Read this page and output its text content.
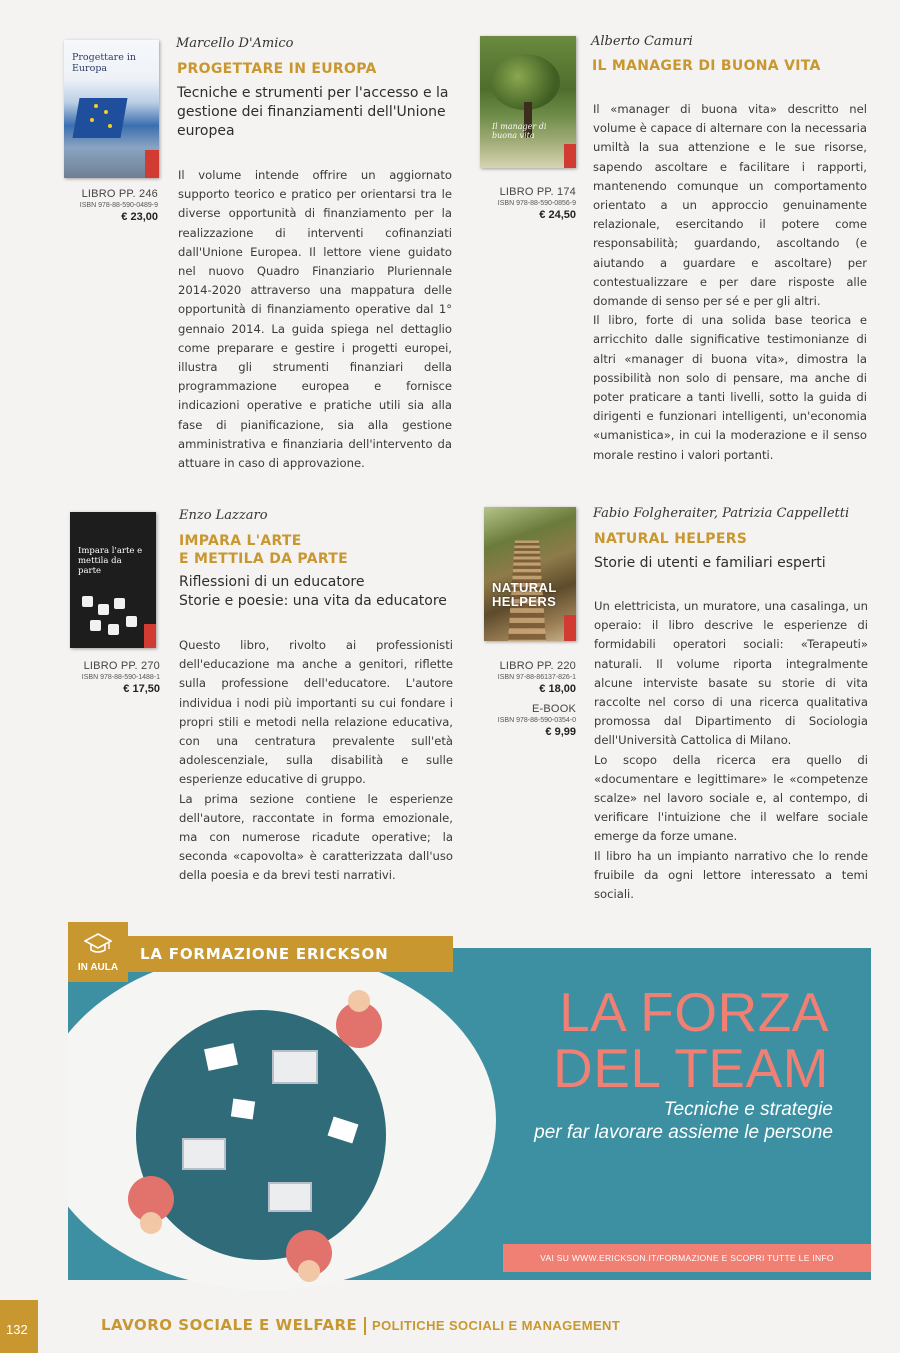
Progettare in Europa
LIBRO PP. 246
ISBN 978-88-590-0489-9
€ 23,00
Marcello D'Amico
PROGETTARE IN EUROPA
Tecniche e strumenti per l'accesso e la gestione dei finanziamenti dell'Unione europea

Il volume intende offrire un aggiornato supporto teorico e pratico per orientarsi tra le diverse opportunità di finanziamento per la realizzazione di interventi cofinanziati dall'Unione Europea. Il lettore viene guidato nel nuovo Quadro Finanziario Pluriennale 2014-2020 attraverso una mappatura delle opportunità di finanziamento operative dal 1° gennaio 2014. La guida spiega nel dettaglio come preparare e gestire i progetti europei, illustra gli strumenti finanziari della programmazione europea e fornisce indicazioni operative e pratiche utili sia alla fase di pianificazione, sia alla gestione amministrativa e finanziaria dell'intervento da attuare in caso di approvazione.

Il manager di buona vita
LIBRO PP. 174
ISBN 978-88-590-0856-9
€ 24,50
Alberto Camuri
IL MANAGER DI BUONA VITA

Il «manager di buona vita» descritto nel volume è capace di alternare con la necessaria umiltà la sua attenzione e le sue risorse, sapendo ascoltare e facilitare i rapporti, mantenendo comunque un comportamento orientato a un approccio genuinamente relazionale, esercitando il potere come responsabilità; guardando, ascoltando (e aiutando a guardare e ascoltare) per contestualizzare e per dare risposte alle domande di senso per sé e per gli altri.

Il libro, forte di una solida base teorica e arricchito dalle significative testimonianze di altri «manager di buona vita», dimostra la possibilità non solo di pensare, ma anche di poter praticare a tanti livelli, sotto la guida di dirigenti e funzionari intelligenti, un'economia «umanistica», in cui la moderazione e il senso morale restino i valori portanti.

Impara l'arte e mettila da parte
LIBRO PP. 270
ISBN 978-88-590-1488-1
€ 17,50
Enzo Lazzaro
IMPARA L'ARTE
E METTILA DA PARTE
Riflessioni di un educatore
Storie e poesie: una vita da educatore

Questo libro, rivolto ai professionisti dell'educazione ma anche a genitori, riflette sulla professione dell'educatore. L'autore individua i nodi più importanti su cui fondare i propri stili e metodi nella relazione educativa, con una centratura prevalente sull'età adolescenziale, sulla disabilità e sulle esperienze educative di gruppo.

La prima sezione contiene le esperienze dell'autore, raccontate in forma emozionale, ma con numerose ricadute operative; la seconda «capovolta» è caratterizzata dall'uso della poesia e da brevi testi narrativi.

NATURAL HELPERS
LIBRO PP. 220
ISBN 97-88-86137-826-1
€ 18,00
E-BOOK
ISBN 978-88-590-0354-0
€ 9,99
Fabio Folgheraiter, Patrizia Cappelletti
NATURAL HELPERS
Storie di utenti e familiari esperti

Un elettricista, un muratore, una casalinga, un operaio: il libro descrive le esperienze di formidabili operatori sociali: «Terapeuti» naturali. Il volume riporta integralmente alcune interviste basate su storie di vita raccolte nel corso di una ricerca qualitativa promossa dal Dipartimento di Sociologia dell'Università Cattolica di Milano.

Lo scopo della ricerca era quello di «documentare e legittimare» le «competenze scalze» nel lavoro sociale e, al contempo, di verificare l'intuizione che il welfare sociale emerge da forze umane.

Il libro ha un impianto narrativo che lo rende fruibile da ogni lettore interessato a temi sociali.

IN AULA
LA FORMAZIONE ERICKSON
LA FORZA
DEL TEAM
Tecniche e strategie
per far lavorare assieme le persone
VAI SU WWW.ERICKSON.IT/FORMAZIONE E SCOPRI TUTTE LE INFO
132	LAVORO SOCIALE E WELFARE POLITICHE SOCIALI E MANAGEMENT
